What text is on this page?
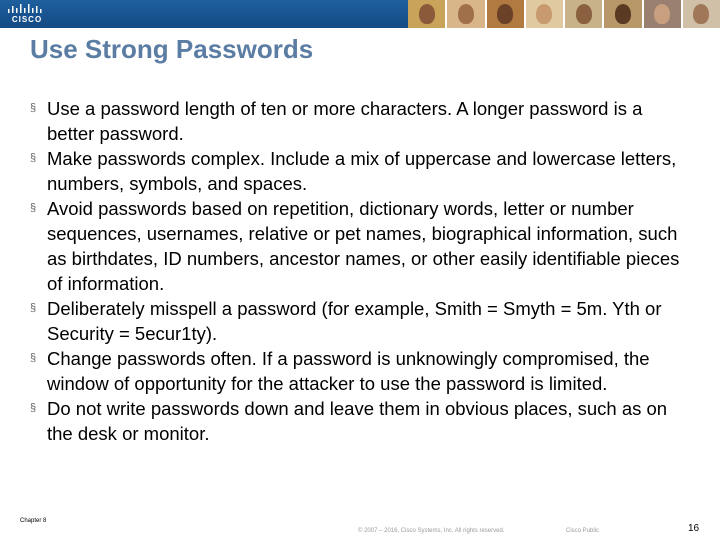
CISCO
Use Strong Passwords
§ Use a password length of ten or more characters. A longer password is a better password.
§ Make passwords complex. Include a mix of uppercase and lowercase letters, numbers, symbols, and spaces.
§ Avoid passwords based on repetition, dictionary words, letter or number sequences, usernames, relative or pet names, biographical information, such as birthdates, ID numbers, ancestor names, or other easily identifiable pieces of information.
§ Deliberately misspell a password (for example, Smith = Smyth = 5m. Yth or Security = 5ecur1ty).
§ Change passwords often. If a password is unknowingly compromised, the window of opportunity for the attacker to use the password is limited.
§ Do not write passwords down and leave them in obvious places, such as on the desk or monitor.
Chapter 8
© 2007 – 2016, Cisco Systems, Inc. All rights reserved.	Cisco Public	16
